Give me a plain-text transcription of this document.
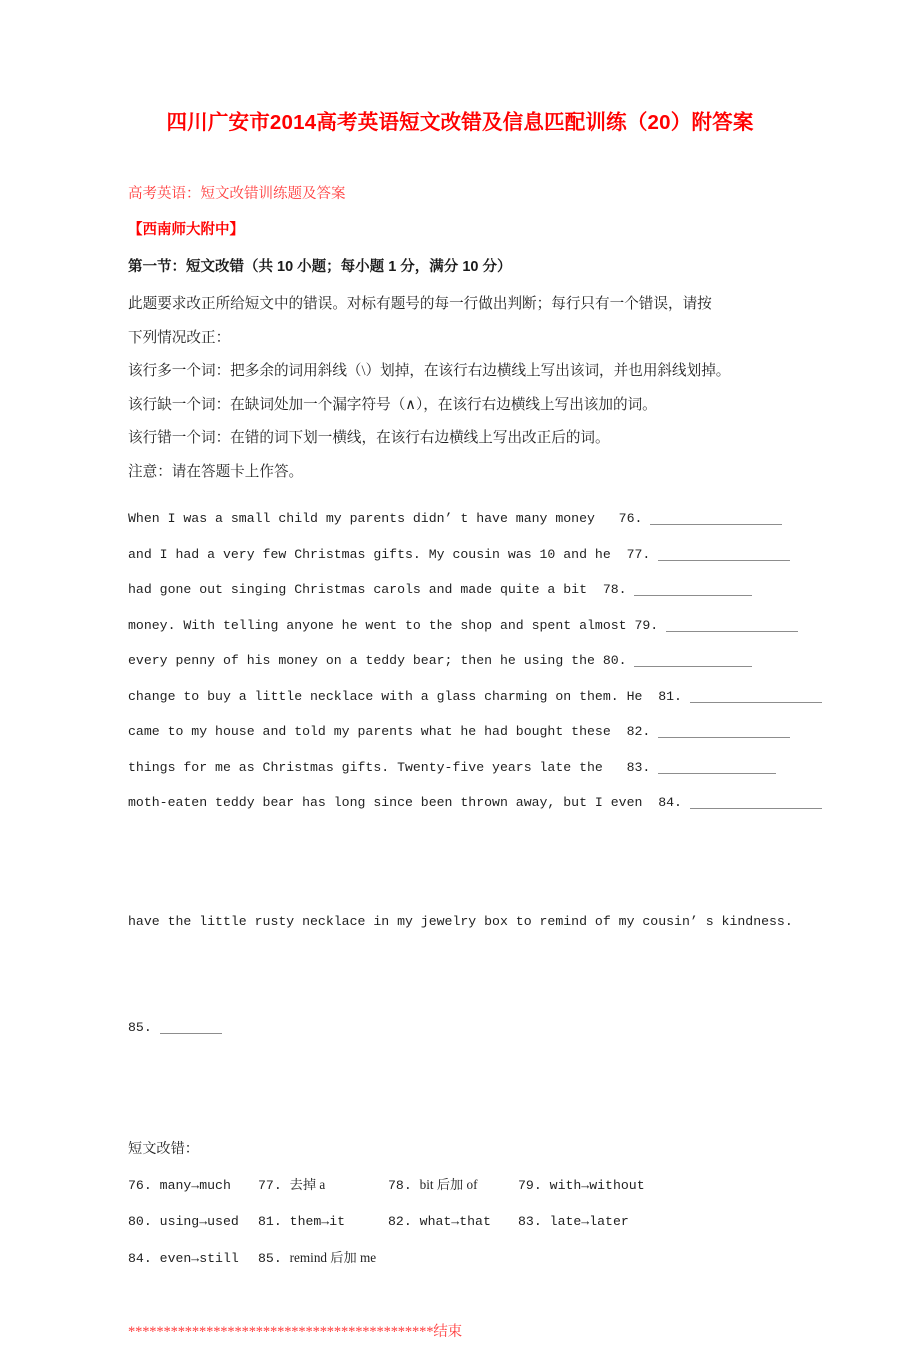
四川广安市2014高考英语短文改错及信息匹配训练（20）附答案

高考英语：短文改错训练题及答案

【西南师大附中】

第一节：短文改错（共 10 小题；每小题 1 分，满分 10 分）

此题要求改正所给短文中的错误。对标有题号的每一行做出判断；每行只有一个错误，请按

下列情况改正：

该行多一个词：把多余的词用斜线（\）划掉，在该行右边横线上写出该词，并也用斜线划掉。

该行缺一个词：在缺词处加一个漏字符号（∧），在该行右边横线上写出该加的词。

该行错一个词：在错的词下划一横线，在该行右边横线上写出改正后的词。

注意：请在答题卡上作答。

When I was a small child my parents didn’ t have many money   76.
and I had a very few Christmas gifts. My cousin was 10 and he  77.
had gone out singing Christmas carols and made quite a bit  78.
money. With telling anyone he went to the shop and spent almost 79.
every penny of his money on a teddy bear; then he using the 80.
change to buy a little necklace with a glass charming on them. He  81.
came to my house and told my parents what he had bought these  82.
things for me as Christmas gifts. Twenty-five years late the   83.
moth-eaten teddy bear has long since been thrown away, but I even  84.

have the little rusty necklace in my jewelry box to remind of my cousin’ s kindness.

85.

短文改错：

76. many→much 77. 去掉 a	78. bit 后加 of	79. with→without

80. using→used 81. them→it	82. what→that 83. late→later

84. even→still 85. remind 后加 me

*******************************************结束
